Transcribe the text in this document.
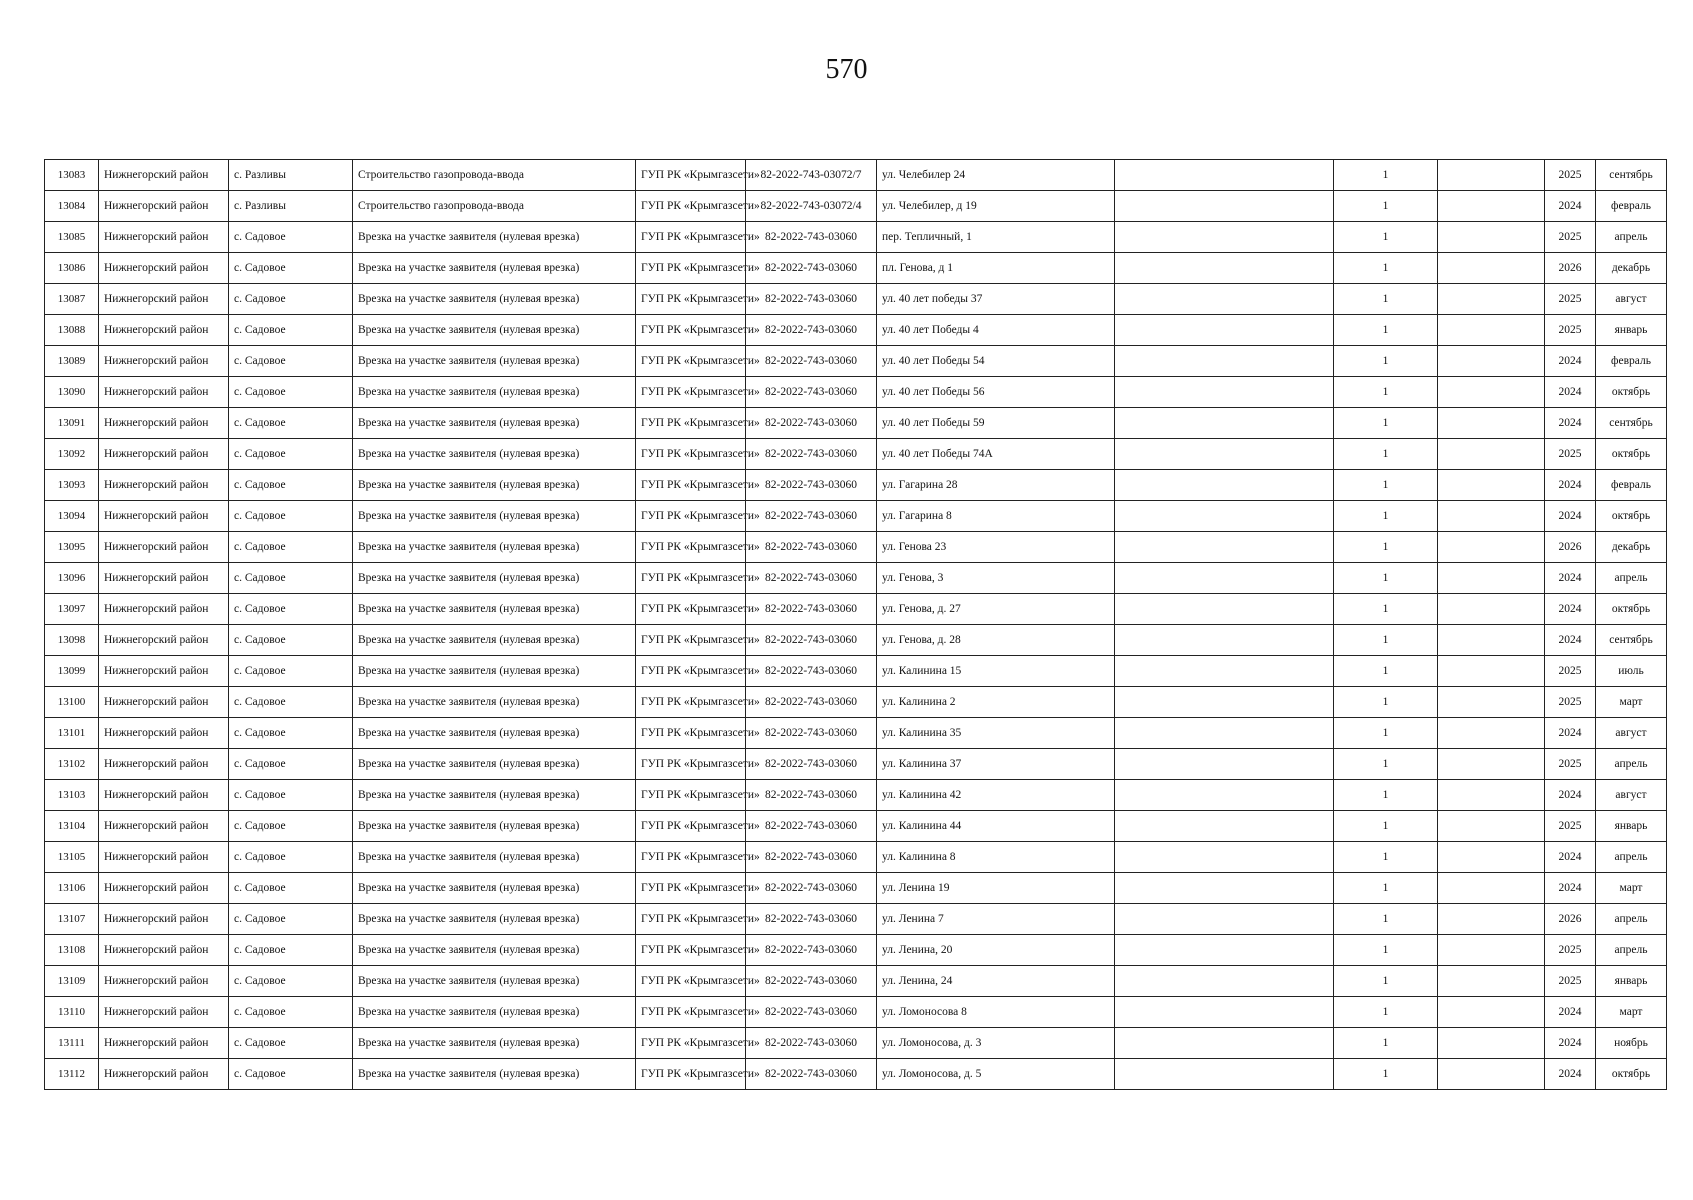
570
13083	Нижнегорский район	с. Разливы	Строительство газопровода-ввода	ГУП РК «Крымгазсети»	82-2022-743-03072/7	ул. Челебилер 24		1		2025	сентябрь
13084	Нижнегорский район	с. Разливы	Строительство газопровода-ввода	ГУП РК «Крымгазсети»	82-2022-743-03072/4	ул. Челебилер, д 19		1		2024	февраль
13085	Нижнегорский район	с. Садовое	Врезка на участке заявителя (нулевая врезка)	ГУП РК «Крымгазсети»	82-2022-743-03060	пер. Тепличный, 1		1		2025	апрель
13086	Нижнегорский район	с. Садовое	Врезка на участке заявителя (нулевая врезка)	ГУП РК «Крымгазсети»	82-2022-743-03060	пл. Генова, д 1		1		2026	декабрь
13087	Нижнегорский район	с. Садовое	Врезка на участке заявителя (нулевая врезка)	ГУП РК «Крымгазсети»	82-2022-743-03060	ул. 40 лет победы 37		1		2025	август
13088	Нижнегорский район	с. Садовое	Врезка на участке заявителя (нулевая врезка)	ГУП РК «Крымгазсети»	82-2022-743-03060	ул. 40 лет Победы 4		1		2025	январь
13089	Нижнегорский район	с. Садовое	Врезка на участке заявителя (нулевая врезка)	ГУП РК «Крымгазсети»	82-2022-743-03060	ул. 40 лет Победы 54		1		2024	февраль
13090	Нижнегорский район	с. Садовое	Врезка на участке заявителя (нулевая врезка)	ГУП РК «Крымгазсети»	82-2022-743-03060	ул. 40 лет Победы 56		1		2024	октябрь
13091	Нижнегорский район	с. Садовое	Врезка на участке заявителя (нулевая врезка)	ГУП РК «Крымгазсети»	82-2022-743-03060	ул. 40 лет Победы 59		1		2024	сентябрь
13092	Нижнегорский район	с. Садовое	Врезка на участке заявителя (нулевая врезка)	ГУП РК «Крымгазсети»	82-2022-743-03060	ул. 40 лет Победы 74А		1		2025	октябрь
13093	Нижнегорский район	с. Садовое	Врезка на участке заявителя (нулевая врезка)	ГУП РК «Крымгазсети»	82-2022-743-03060	ул. Гагарина 28		1		2024	февраль
13094	Нижнегорский район	с. Садовое	Врезка на участке заявителя (нулевая врезка)	ГУП РК «Крымгазсети»	82-2022-743-03060	ул. Гагарина 8		1		2024	октябрь
13095	Нижнегорский район	с. Садовое	Врезка на участке заявителя (нулевая врезка)	ГУП РК «Крымгазсети»	82-2022-743-03060	ул. Генова 23		1		2026	декабрь
13096	Нижнегорский район	с. Садовое	Врезка на участке заявителя (нулевая врезка)	ГУП РК «Крымгазсети»	82-2022-743-03060	ул. Генова, 3		1		2024	апрель
13097	Нижнегорский район	с. Садовое	Врезка на участке заявителя (нулевая врезка)	ГУП РК «Крымгазсети»	82-2022-743-03060	ул. Генова, д. 27		1		2024	октябрь
13098	Нижнегорский район	с. Садовое	Врезка на участке заявителя (нулевая врезка)	ГУП РК «Крымгазсети»	82-2022-743-03060	ул. Генова, д. 28		1		2024	сентябрь
13099	Нижнегорский район	с. Садовое	Врезка на участке заявителя (нулевая врезка)	ГУП РК «Крымгазсети»	82-2022-743-03060	ул. Калинина 15		1		2025	июль
13100	Нижнегорский район	с. Садовое	Врезка на участке заявителя (нулевая врезка)	ГУП РК «Крымгазсети»	82-2022-743-03060	ул. Калинина 2		1		2025	март
13101	Нижнегорский район	с. Садовое	Врезка на участке заявителя (нулевая врезка)	ГУП РК «Крымгазсети»	82-2022-743-03060	ул. Калинина 35		1		2024	август
13102	Нижнегорский район	с. Садовое	Врезка на участке заявителя (нулевая врезка)	ГУП РК «Крымгазсети»	82-2022-743-03060	ул. Калинина 37		1		2025	апрель
13103	Нижнегорский район	с. Садовое	Врезка на участке заявителя (нулевая врезка)	ГУП РК «Крымгазсети»	82-2022-743-03060	ул. Калинина 42		1		2024	август
13104	Нижнегорский район	с. Садовое	Врезка на участке заявителя (нулевая врезка)	ГУП РК «Крымгазсети»	82-2022-743-03060	ул. Калинина 44		1		2025	январь
13105	Нижнегорский район	с. Садовое	Врезка на участке заявителя (нулевая врезка)	ГУП РК «Крымгазсети»	82-2022-743-03060	ул. Калинина 8		1		2024	апрель
13106	Нижнегорский район	с. Садовое	Врезка на участке заявителя (нулевая врезка)	ГУП РК «Крымгазсети»	82-2022-743-03060	ул. Ленина 19		1		2024	март
13107	Нижнегорский район	с. Садовое	Врезка на участке заявителя (нулевая врезка)	ГУП РК «Крымгазсети»	82-2022-743-03060	ул. Ленина 7		1		2026	апрель
13108	Нижнегорский район	с. Садовое	Врезка на участке заявителя (нулевая врезка)	ГУП РК «Крымгазсети»	82-2022-743-03060	ул. Ленина, 20		1		2025	апрель
13109	Нижнегорский район	с. Садовое	Врезка на участке заявителя (нулевая врезка)	ГУП РК «Крымгазсети»	82-2022-743-03060	ул. Ленина, 24		1		2025	январь
13110	Нижнегорский район	с. Садовое	Врезка на участке заявителя (нулевая врезка)	ГУП РК «Крымгазсети»	82-2022-743-03060	ул. Ломоносова 8		1		2024	март
13111	Нижнегорский район	с. Садовое	Врезка на участке заявителя (нулевая врезка)	ГУП РК «Крымгазсети»	82-2022-743-03060	ул. Ломоносова, д. 3		1		2024	ноябрь
13112	Нижнегорский район	с. Садовое	Врезка на участке заявителя (нулевая врезка)	ГУП РК «Крымгазсети»	82-2022-743-03060	ул. Ломоносова, д. 5		1		2024	октябрь
